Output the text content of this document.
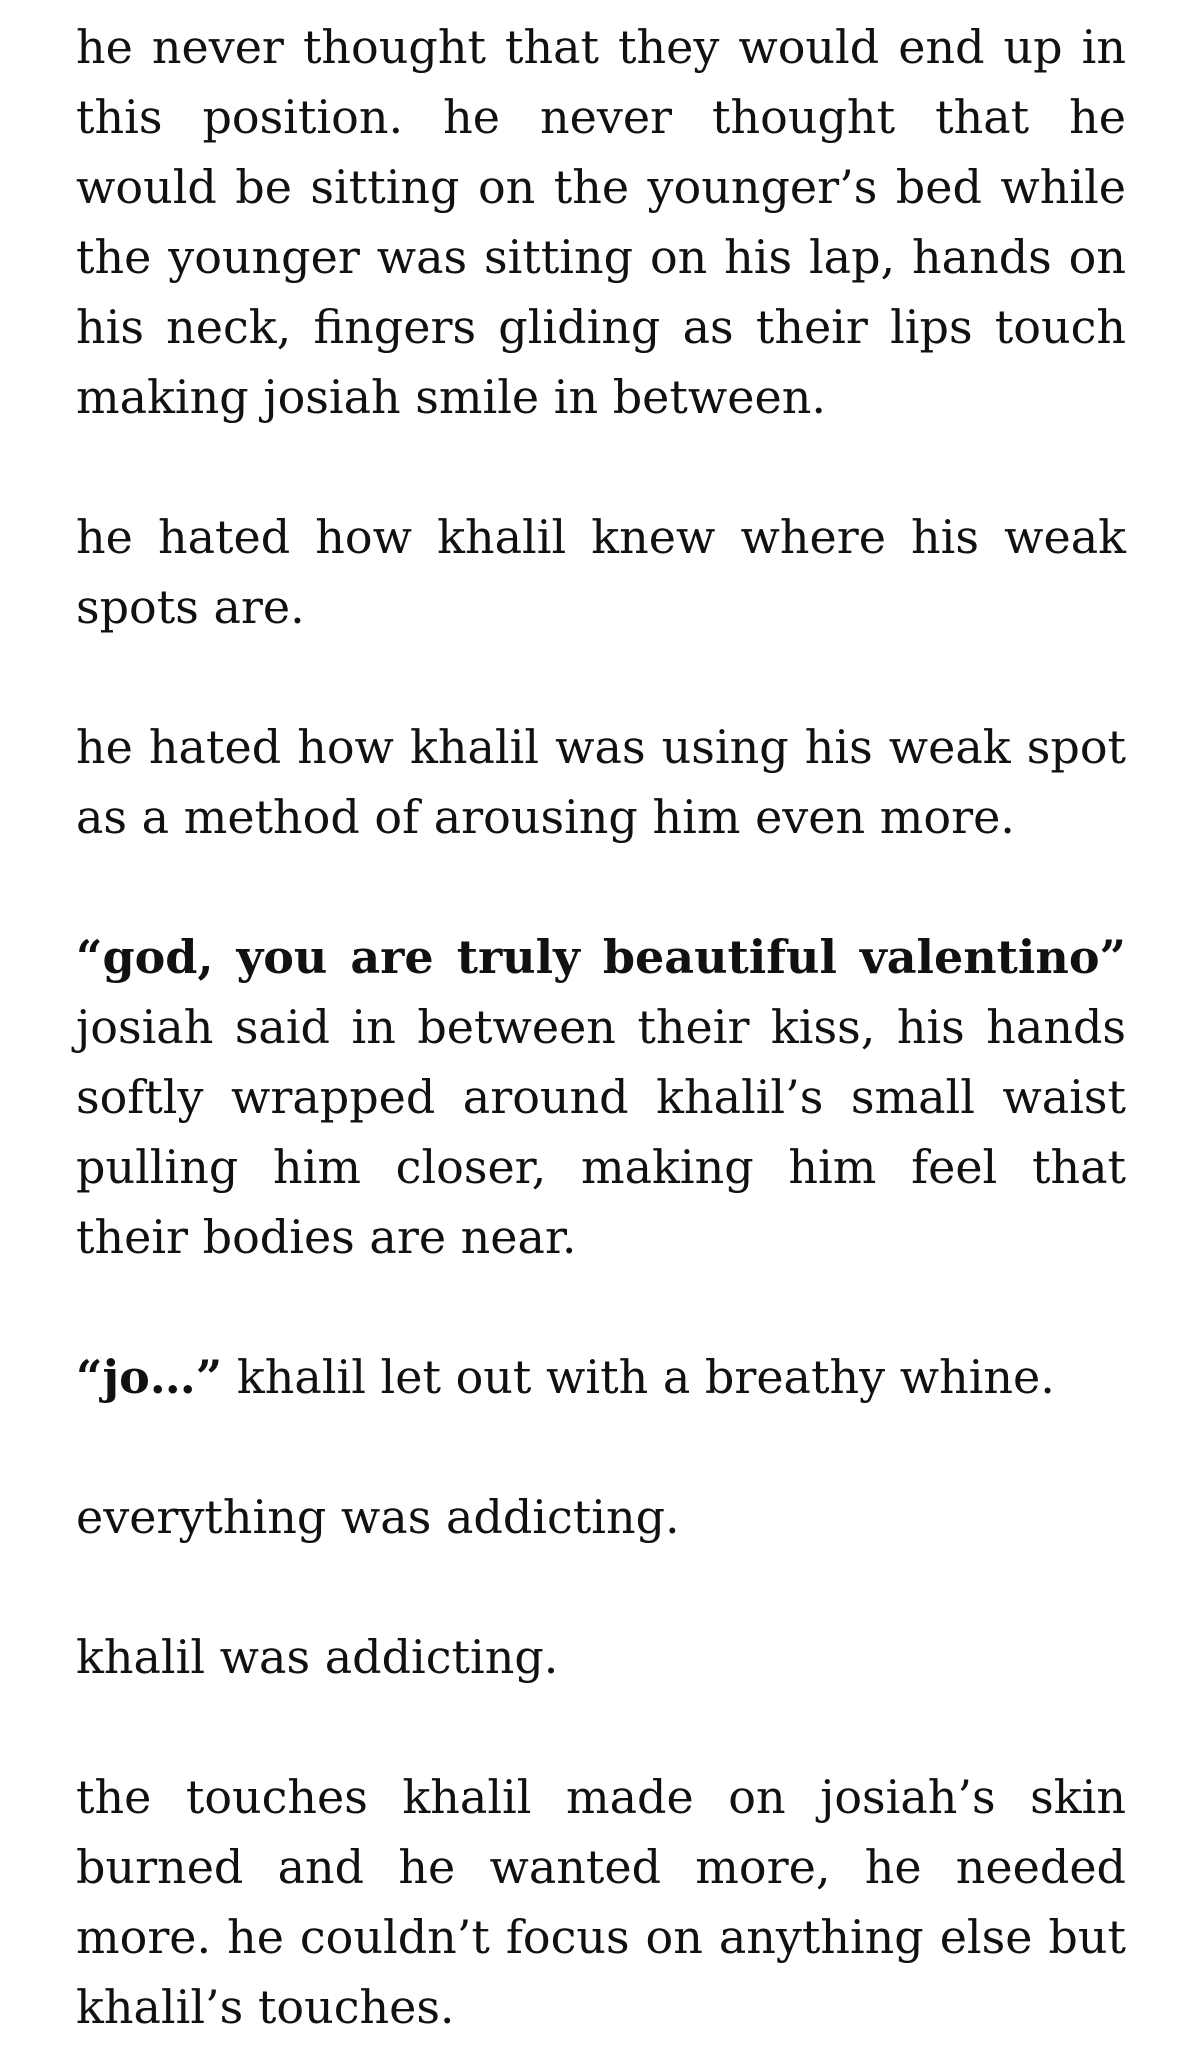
he never thought that they would end up in this position. he never thought that he would be sitting on the younger’s bed while the younger was sitting on his lap, hands on his neck, fingers gliding as their lips touch making josiah smile in between.

he hated how khalil knew where his weak spots are.

he hated how khalil was using his weak spot as a method of arousing him even more.

“god, you are truly beautiful valentino” josiah said in between their kiss, his hands softly wrapped around khalil’s small waist pulling him closer, making him feel that their bodies are near.

“jo…” khalil let out with a breathy whine.

everything was addicting.

khalil was addicting.

the touches khalil made on josiah’s skin burned and he wanted more, he needed more. he couldn’t focus on anything else but khalil’s touches.
